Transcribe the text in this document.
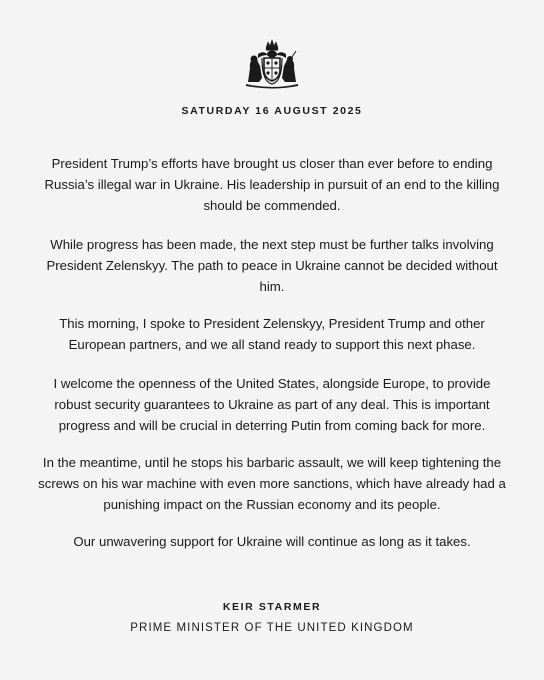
SATURDAY 16 AUGUST 2025

President Trump’s efforts have brought us closer than ever before to ending Russia’s illegal war in Ukraine. His leadership in pursuit of an end to the killing should be commended.

While progress has been made, the next step must be further talks involving President Zelenskyy. The path to peace in Ukraine cannot be decided without him.

This morning, I spoke to President Zelenskyy, President Trump and other European partners, and we all stand ready to support this next phase.

I welcome the openness of the United States, alongside Europe, to provide robust security guarantees to Ukraine as part of any deal. This is important progress and will be crucial in deterring Putin from coming back for more.

In the meantime, until he stops his barbaric assault, we will keep tightening the screws on his war machine with even more sanctions, which have already had a punishing impact on the Russian economy and its people.

Our unwavering support for Ukraine will continue as long as it takes.

KEIR STARMER
PRIME MINISTER OF THE UNITED KINGDOM
